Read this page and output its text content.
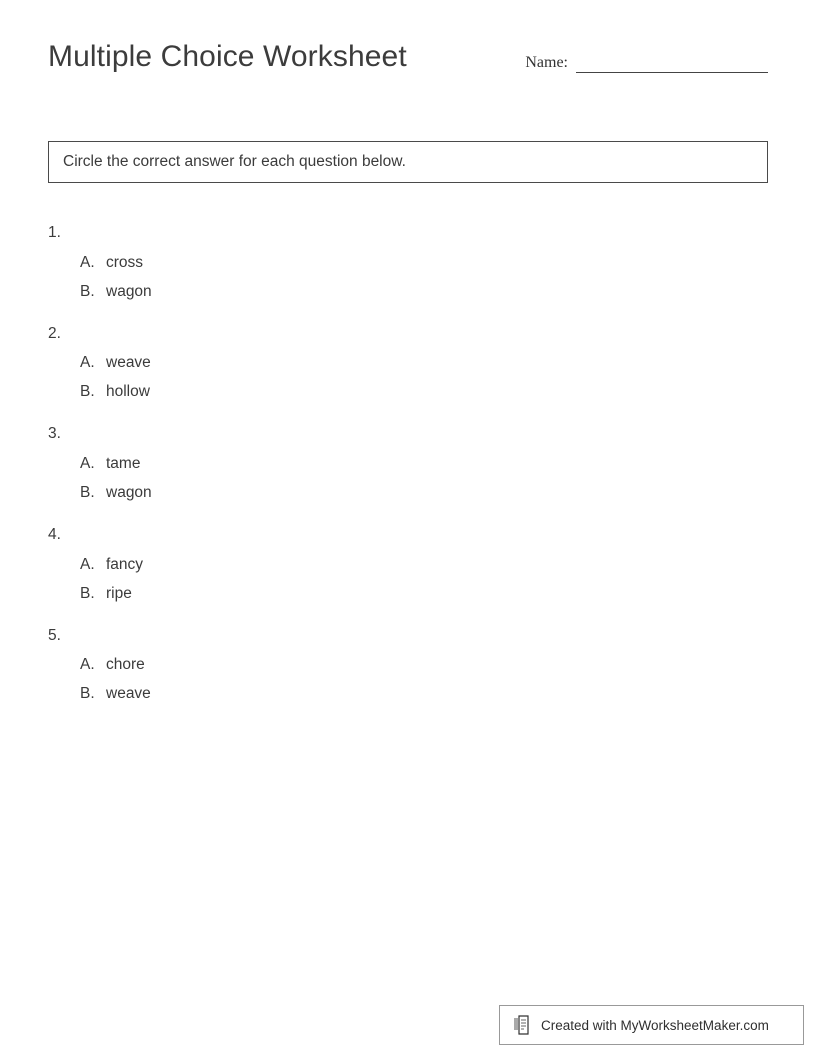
Multiple Choice Worksheet	Name:
Circle the correct answer for each question below.
1.
A. cross
B. wagon
2.
A. weave
B. hollow
3.
A. tame
B. wagon
4.
A. fancy
B. ripe
5.
A. chore
B. weave
Created with MyWorksheetMaker.com
